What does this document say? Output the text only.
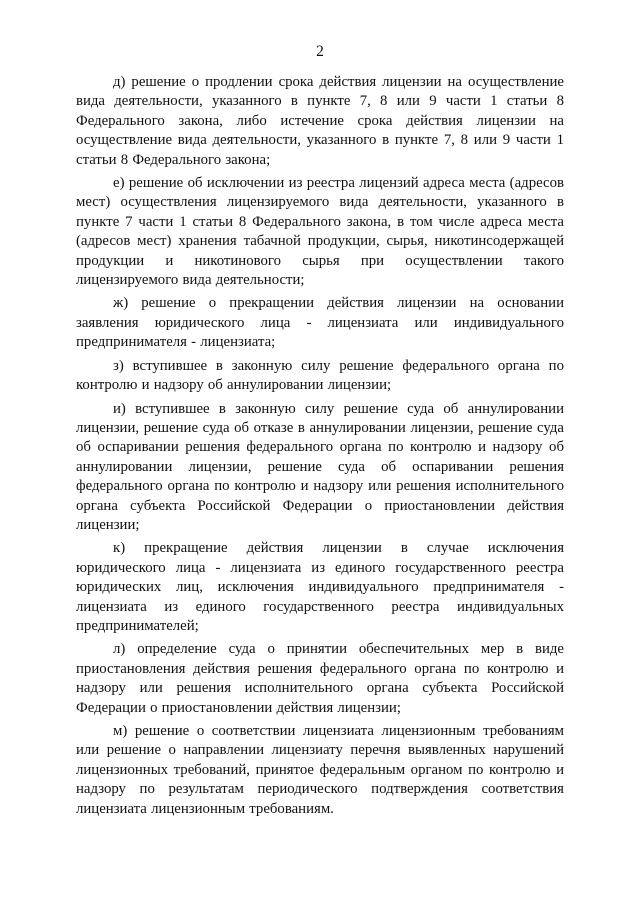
2

д) решение о продлении срока действия лицензии на осуществление вида деятельности, указанного в пункте 7, 8 или 9 части 1 статьи 8 Федерального закона, либо истечение срока действия лицензии на осуществление вида деятельности, указанного в пункте 7, 8 или 9 части 1 статьи 8 Федерального закона;

е) решение об исключении из реестра лицензий адреса места (адресов мест) осуществления лицензируемого вида деятельности, указанного в пункте 7 части 1 статьи 8 Федерального закона, в том числе адреса места (адресов мест) хранения табачной продукции, сырья, никотинсодержащей продукции и никотинового сырья при осуществлении такого лицензируемого вида деятельности;

ж) решение о прекращении действия лицензии на основании заявления юридического лица - лицензиата или индивидуального предпринимателя - лицензиата;

з) вступившее в законную силу решение федерального органа по контролю и надзору об аннулировании лицензии;

и) вступившее в законную силу решение суда об аннулировании лицензии, решение суда об отказе в аннулировании лицензии, решение суда об оспаривании решения федерального органа по контролю и надзору об аннулировании лицензии, решение суда об оспаривании решения федерального органа по контролю и надзору или решения исполнительного органа субъекта Российской Федерации о приостановлении действия лицензии;

к) прекращение действия лицензии в случае исключения юридического лица - лицензиата из единого государственного реестра юридических лиц, исключения индивидуального предпринимателя - лицензиата из единого государственного реестра индивидуальных предпринимателей;

л) определение суда о принятии обеспечительных мер в виде приостановления действия решения федерального органа по контролю и надзору или решения исполнительного органа субъекта Российской Федерации о приостановлении действия лицензии;

м) решение о соответствии лицензиата лицензионным требованиям или решение о направлении лицензиату перечня выявленных нарушений лицензионных требований, принятое федеральным органом по контролю и надзору по результатам периодического подтверждения соответствия лицензиата лицензионным требованиям.
